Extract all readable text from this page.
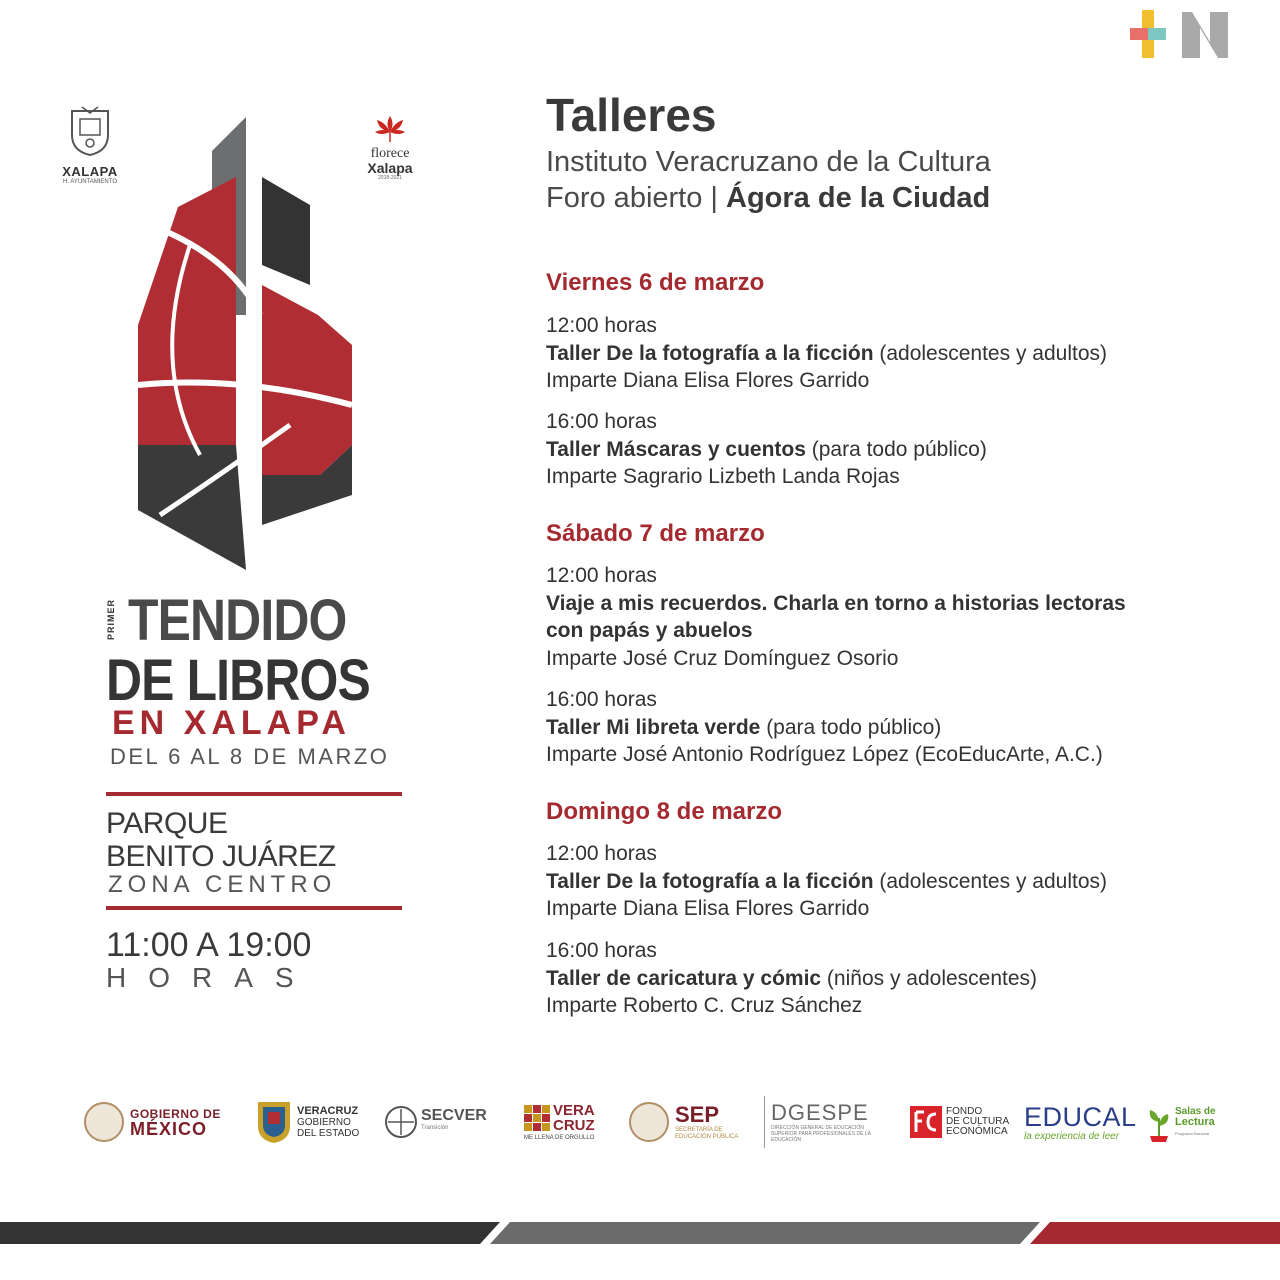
XALAPA
H. AYUNTAMIENTO
florece
Xalapa
2018-2021
PRIMER TENDIDO
DE LIBROS
EN XALAPA
DEL 6 AL 8 DE MARZO
PARQUE
BENITO JUÁREZ
ZONA CENTRO
11:00 A 19:00
HORAS
Talleres

Instituto Veracruzano de la Cultura

Foro abierto | Ágora de la Ciudad

Viernes 6 de marzo
12:00 horas
Taller De la fotografía a la ficción (adolescentes y adultos)
Imparte Diana Elisa Flores Garrido
16:00 horas
Taller Máscaras y cuentos (para todo público)
Imparte Sagrario Lizbeth Landa Rojas
Sábado 7 de marzo
12:00 horas
Viaje a mis recuerdos. Charla en torno a historias lectoras con papás y abuelos
Imparte José Cruz Domínguez Osorio
16:00 horas
Taller Mi libreta verde (para todo público)
Imparte José Antonio Rodríguez López (EcoEducArte, A.C.)
Domingo 8 de marzo
12:00 horas
Taller De la fotografía a la ficción (adolescentes y adultos)
Imparte Diana Elisa Flores Garrido
16:00 horas
Taller de caricatura y cómic (niños y adolescentes)
Imparte Roberto C. Cruz Sánchez
GOBIERNO DE
MÉXICO
VERACRUZ
GOBIERNO
DEL ESTADO
SECVER
Transición
VERA
CRUZ
ME LLENA DE ORGULLO
SEP
SECRETARÍA DE EDUCACIÓN PÚBLICA
DGESPE
DIRECCIÓN GENERAL DE EDUCACIÓN SUPERIOR PARA PROFESIONALES DE LA EDUCACIÓN
FONDO
DE CULTURA
ECONÓMICA EDUCAL
la experiencia de leer
Salas de
Lectura
Programa Nacional
